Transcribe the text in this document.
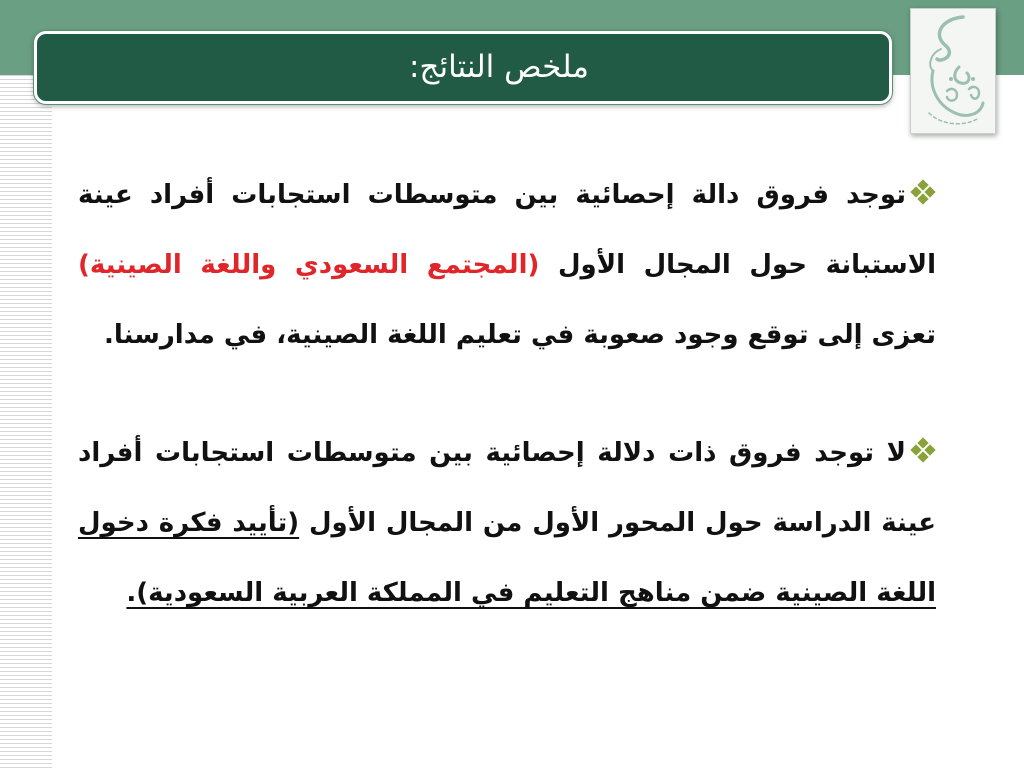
ملخص النتائج:

توجد فروق دالة إحصائية بين متوسطات استجابات أفراد عينة الاستبانة حول المجال الأول (المجتمع السعودي واللغة الصينية) تعزى إلى توقع وجود صعوبة في تعليم اللغة الصينية، في مدارسنا.

لا توجد فروق ذات دلالة إحصائية بين متوسطات استجابات أفراد عينة الدراسة حول المحور الأول من المجال الأول (تأييد فكرة دخول اللغة الصينية ضمن مناهج التعليم في المملكة العربية السعودية).
